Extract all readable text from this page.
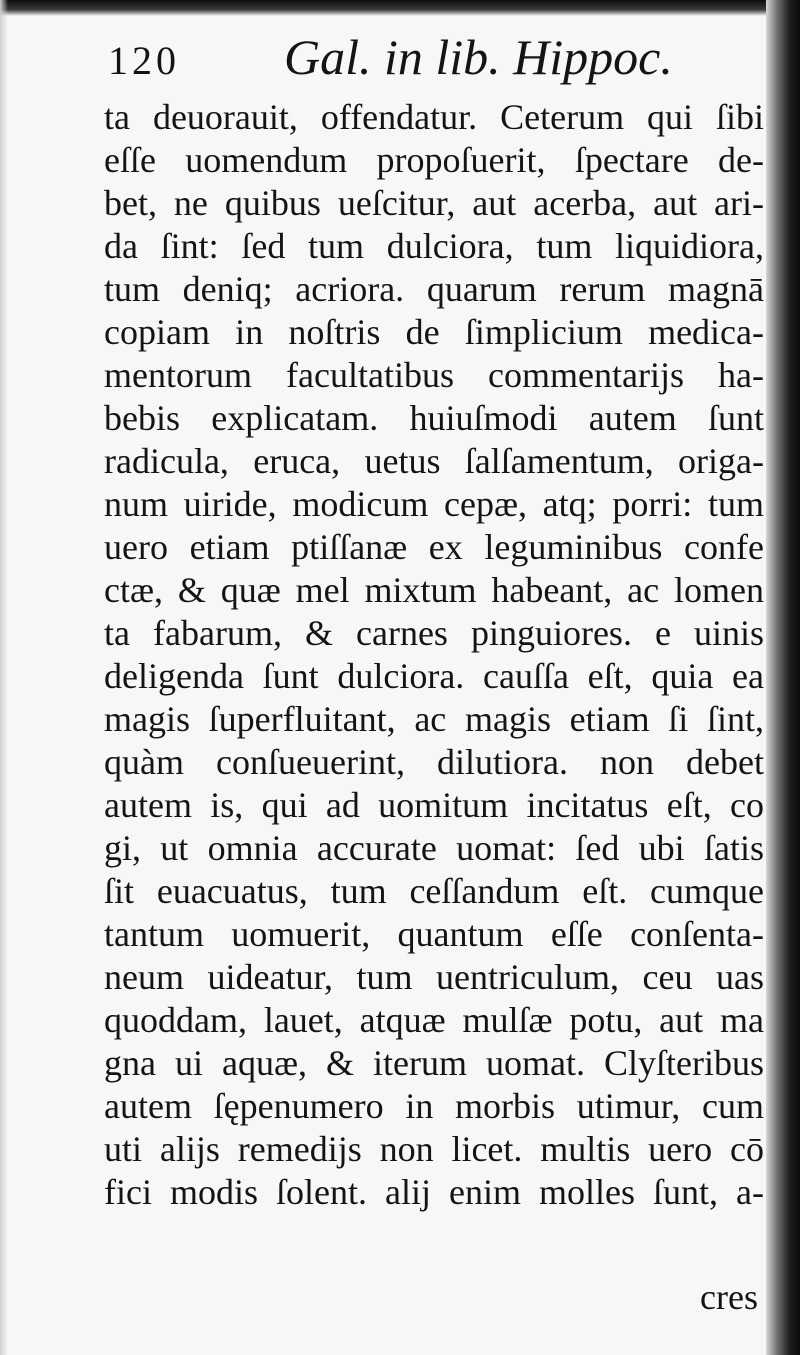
120 Gal. in lib. Hippoc.
ta deuorauit, offendatur. Ceterum qui ſibi
eſſe uomendum propoſuerit, ſpectare de-
bet, ne quibus ueſcitur, aut acerba, aut ari-
da ſint: ſed tum dulciora, tum liquidiora,
tum deniq; acriora. quarum rerum magnā
copiam in noſtris de ſimplicium medica-
mentorum facultatibus commentarijs ha-
bebis explicatam. huiuſmodi autem ſunt
radicula, eruca, uetus ſalſamentum, origa-
num uiride, modicum cepæ, atq; porri: tum
uero etiam ptiſſanæ ex leguminibus confe
ctæ, & quæ mel mixtum habeant, ac lomen
ta fabarum, & carnes pinguiores. e uinis
deligenda ſunt dulciora. cauſſa eſt, quia ea
magis ſuperfluitant, ac magis etiam ſi ſint,
quàm conſueuerint, dilutiora. non debet
autem is, qui ad uomitum incitatus eſt, co
gi, ut omnia accurate uomat: ſed ubi ſatis
ſit euacuatus, tum ceſſandum eſt. cumque
tantum uomuerit, quantum eſſe conſenta-
neum uideatur, tum uentriculum, ceu uas
quoddam, lauet, atquæ mulſæ potu, aut ma
gna ui aquæ, & iterum uomat. Clyſteribus
autem ſępenumero in morbis utimur, cum
uti alijs remedijs non licet. multis uero cō
fici modis ſolent. alij enim molles ſunt, a-
cres
